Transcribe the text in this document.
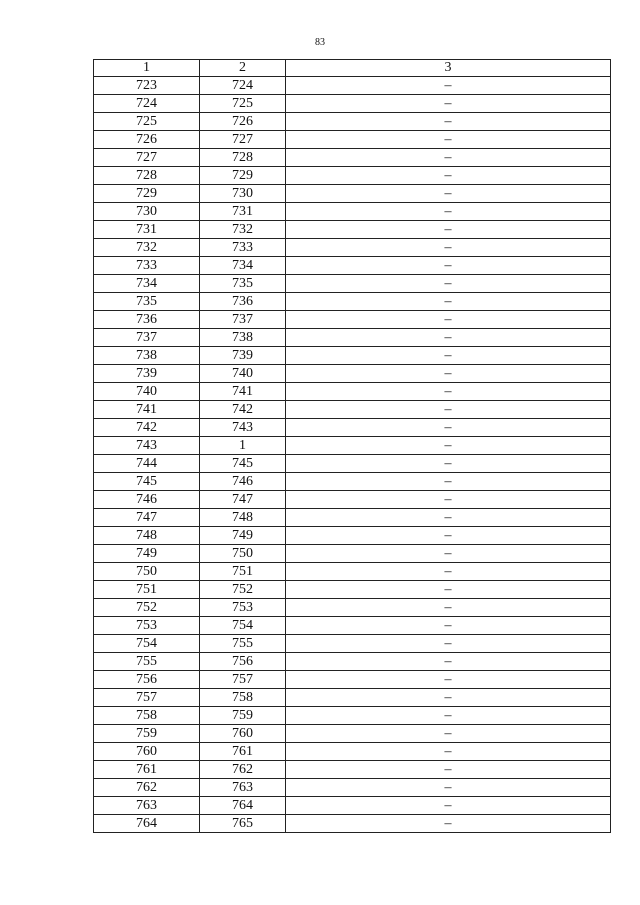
83
1	2	3
723	724	–
724	725	–
725	726	–
726	727	–
727	728	–
728	729	–
729	730	–
730	731	–
731	732	–
732	733	–
733	734	–
734	735	–
735	736	–
736	737	–
737	738	–
738	739	–
739	740	–
740	741	–
741	742	–
742	743	–
743	1	–
744	745	–
745	746	–
746	747	–
747	748	–
748	749	–
749	750	–
750	751	–
751	752	–
752	753	–
753	754	–
754	755	–
755	756	–
756	757	–
757	758	–
758	759	–
759	760	–
760	761	–
761	762	–
762	763	–
763	764	–
764	765	–
